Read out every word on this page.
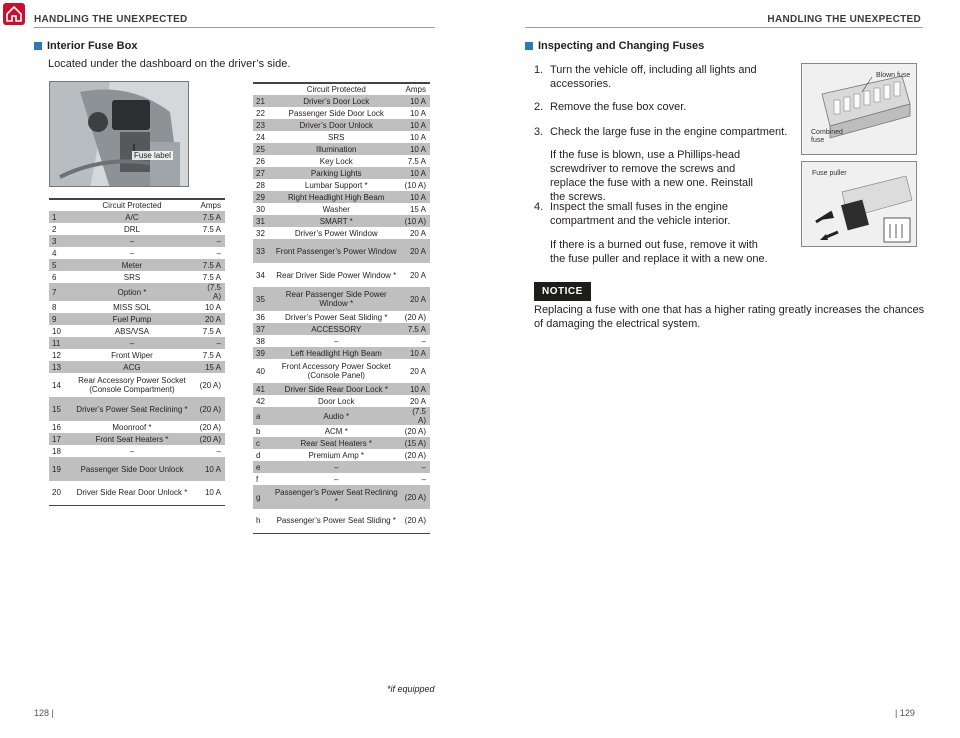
HANDLING THE UNEXPECTED	HANDLING THE UNEXPECTED
Interior Fuse Box
Located under the dashboard on the driver’s side.
Fuse label
	Circuit Protected	Amps
1	A/C	7.5 A
2	DRL	7.5 A
3	–	–
4	–	–
5	Meter	7.5 A
6	SRS	7.5 A
7	Option *	(7.5 A)
8	MISS SOL	10 A
9	Fuel Pump	20 A
10	ABS/VSA	7.5 A
11	–	–
12	Front Wiper	7.5 A
13	ACG	15 A
14	Rear Accessory Power Socket (Console Compartment)	(20 A)
15	Driver’s Power Seat Reclining *	(20 A)
16	Moonroof *	(20 A)
17	Front Seat Heaters *	(20 A)
18	–	–
19	Passenger Side Door Unlock	10 A
20	Driver Side Rear Door Unlock *	10 A
	Circuit Protected	Amps
21	Driver’s Door Lock	10 A
22	Passenger Side Door Lock	10 A
23	Driver’s Door Unlock	10 A
24	SRS	10 A
25	Illumination	10 A
26	Key Lock	7.5 A
27	Parking Lights	10 A
28	Lumbar Support *	(10 A)
29	Right Headlight High Beam	10 A
30	Washer	15 A
31	SMART *	(10 A)
32	Driver’s Power Window	20 A
33	Front Passenger’s Power Window	20 A
34	Rear Driver Side Power Window *	20 A
35	Rear Passenger Side Power Window *	20 A
36	Driver’s Power Seat Sliding *	(20 A)
37	ACCESSORY	7.5 A
38	–	–
39	Left Headlight High Beam	10 A
40	Front Accessory Power Socket (Console Panel)	20 A
41	Driver Side Rear Door Lock *	10 A
42	Door Lock	20 A
a	Audio *	(7.5 A)
b	ACM *	(20 A)
c	Rear Seat Heaters *	(15 A)
d	Premium Amp *	(20 A)
e	–	–
f	–	–
g	Passenger’s Power Seat Reclining *	(20 A)
h	Passenger’s Power Seat Sliding *	(20 A)
*if equipped
128 |	| 129
Inspecting and Changing Fuses
1. Turn the vehicle off, including all lights and accessories.
2. Remove the fuse box cover.
3. Check the large fuse in the engine compartment.
If the fuse is blown, use a Phillips-head screwdriver to remove the screws and replace the fuse with a new one. Reinstall the screws.
4. Inspect the small fuses in the engine compartment and the vehicle interior.
If there is a burned out fuse, remove it with the fuse puller and replace it with a new one.
NOTICE
Replacing a fuse with one that has a higher rating greatly increases the chances of damaging the electrical system.
Blown fuse
Combined fuse
Fuse puller
